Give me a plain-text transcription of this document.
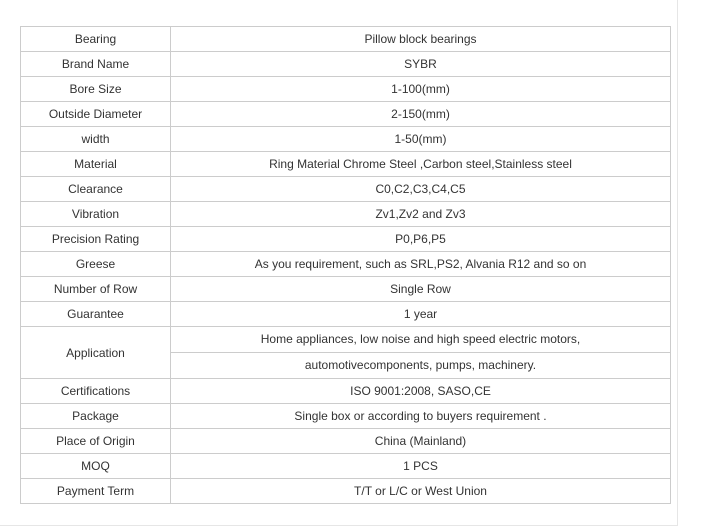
Bearing	Pillow block bearings
Brand Name	SYBR
Bore Size	1-100(mm)
Outside Diameter	2-150(mm)
width	1-50(mm)
Material	Ring Material Chrome Steel ,Carbon steel,Stainless steel
Clearance	C0,C2,C3,C4,C5
Vibration	Zv1,Zv2 and Zv3
Precision Rating	P0,P6,P5
Greese	As you requirement, such as SRL,PS2, Alvania R12 and so on
Number of Row	Single Row
Guarantee	1 year
Application	Home appliances, low noise and high speed electric motors,
automotivecomponents, pumps, machinery.

Certifications	ISO 9001:2008, SASO,CE
Package	Single box or according to buyers requirement .
Place of Origin	China (Mainland)
MOQ	1 PCS
Payment Term	T/T or L/C or West Union
